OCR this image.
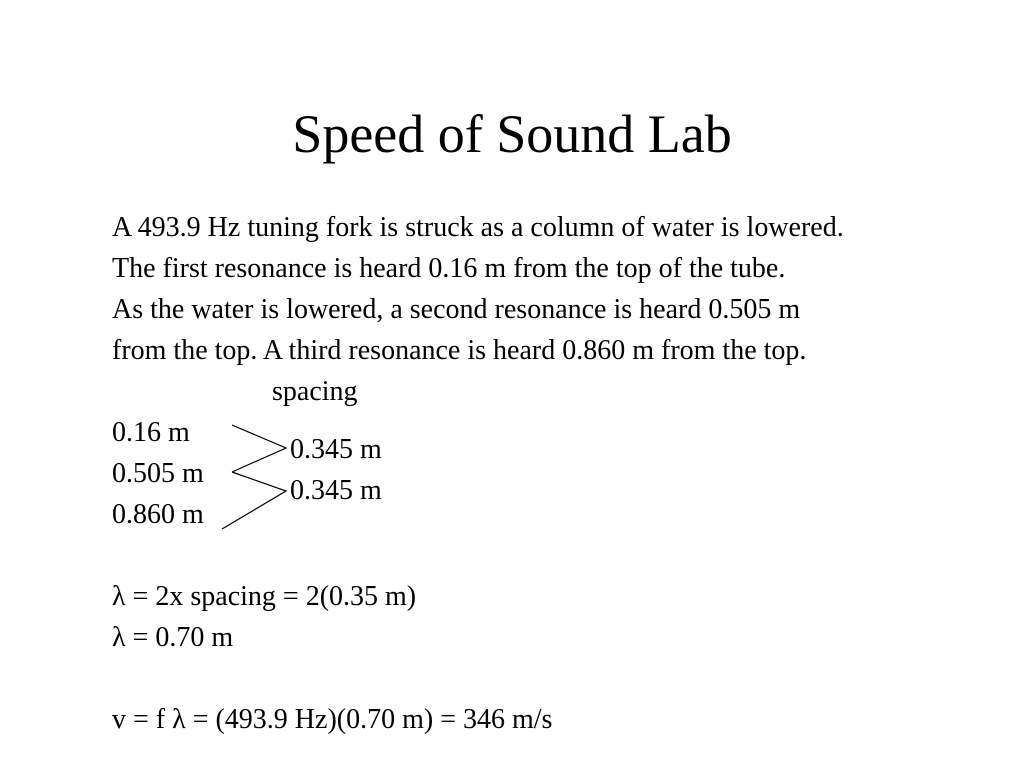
Speed of Sound Lab
A 493.9 Hz tuning fork is struck as a column of water is lowered.
The first resonance is heard 0.16 m from the top of the tube.
As the water is lowered, a second resonance is heard 0.505 m
from the top. A third resonance is heard 0.860 m from the top.
spacing
0.16 m
0.505 m
0.860 m
0.345 m
0.345 m
λ = 2x spacing = 2(0.35 m)
λ = 0.70 m
v = f λ = (493.9 Hz)(0.70 m) = 346 m/s
